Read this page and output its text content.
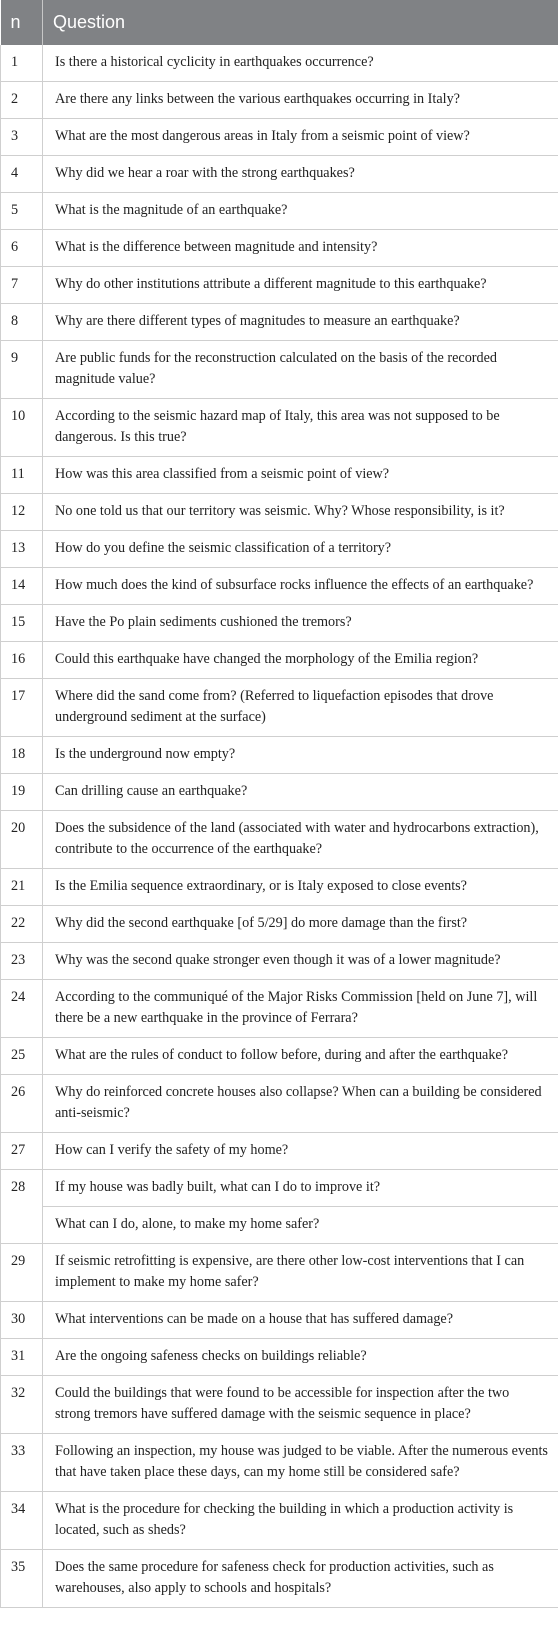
n	Question
1	Is there a historical cyclicity in earthquakes occurrence?
2	Are there any links between the various earthquakes occurring in Italy?
3	What are the most dangerous areas in Italy from a seismic point of view?
4	Why did we hear a roar with the strong earthquakes?
5	What is the magnitude of an earthquake?
6	What is the difference between magnitude and intensity?
7	Why do other institutions attribute a different magnitude to this earthquake?
8	Why are there different types of magnitudes to measure an earthquake?
9	Are public funds for the reconstruction calculated on the basis of the recorded magnitude value?
10	According to the seismic hazard map of Italy, this area was not supposed to be dangerous. Is this true?
11	How was this area classified from a seismic point of view?
12	No one told us that our territory was seismic. Why? Whose responsibility, is it?
13	How do you define the seismic classification of a territory?
14	How much does the kind of subsurface rocks influence the effects of an earthquake?
15	Have the Po plain sediments cushioned the tremors?
16	Could this earthquake have changed the morphology of the Emilia region?
17	Where did the sand come from? (Referred to liquefaction episodes that drove underground sediment at the surface)
18	Is the underground now empty?
19	Can drilling cause an earthquake?
20	Does the subsidence of the land (associated with water and hydrocarbons extraction), contribute to the occurrence of the earthquake?
21	Is the Emilia sequence extraordinary, or is Italy exposed to close events?
22	Why did the second earthquake [of 5/29] do more damage than the first?
23	Why was the second quake stronger even though it was of a lower magnitude?
24	According to the communiqué of the Major Risks Commission [held on June 7], will there be a new earthquake in the province of Ferrara?
25	What are the rules of conduct to follow before, during and after the earthquake?
26	Why do reinforced concrete houses also collapse? When can a building be considered anti-seismic?
27	How can I verify the safety of my home?
28	If my house was badly built, what can I do to improve it?
	What can I do, alone, to make my home safer?
29	If seismic retrofitting is expensive, are there other low-cost interventions that I can implement to make my home safer?
30	What interventions can be made on a house that has suffered damage?
31	Are the ongoing safeness checks on buildings reliable?
32	Could the buildings that were found to be accessible for inspection after the two strong tremors have suffered damage with the seismic sequence in place?
33	Following an inspection, my house was judged to be viable. After the numerous events that have taken place these days, can my home still be considered safe?
34	What is the procedure for checking the building in which a production activity is located, such as sheds?
35	Does the same procedure for safeness check for production activities, such as warehouses, also apply to schools and hospitals?
